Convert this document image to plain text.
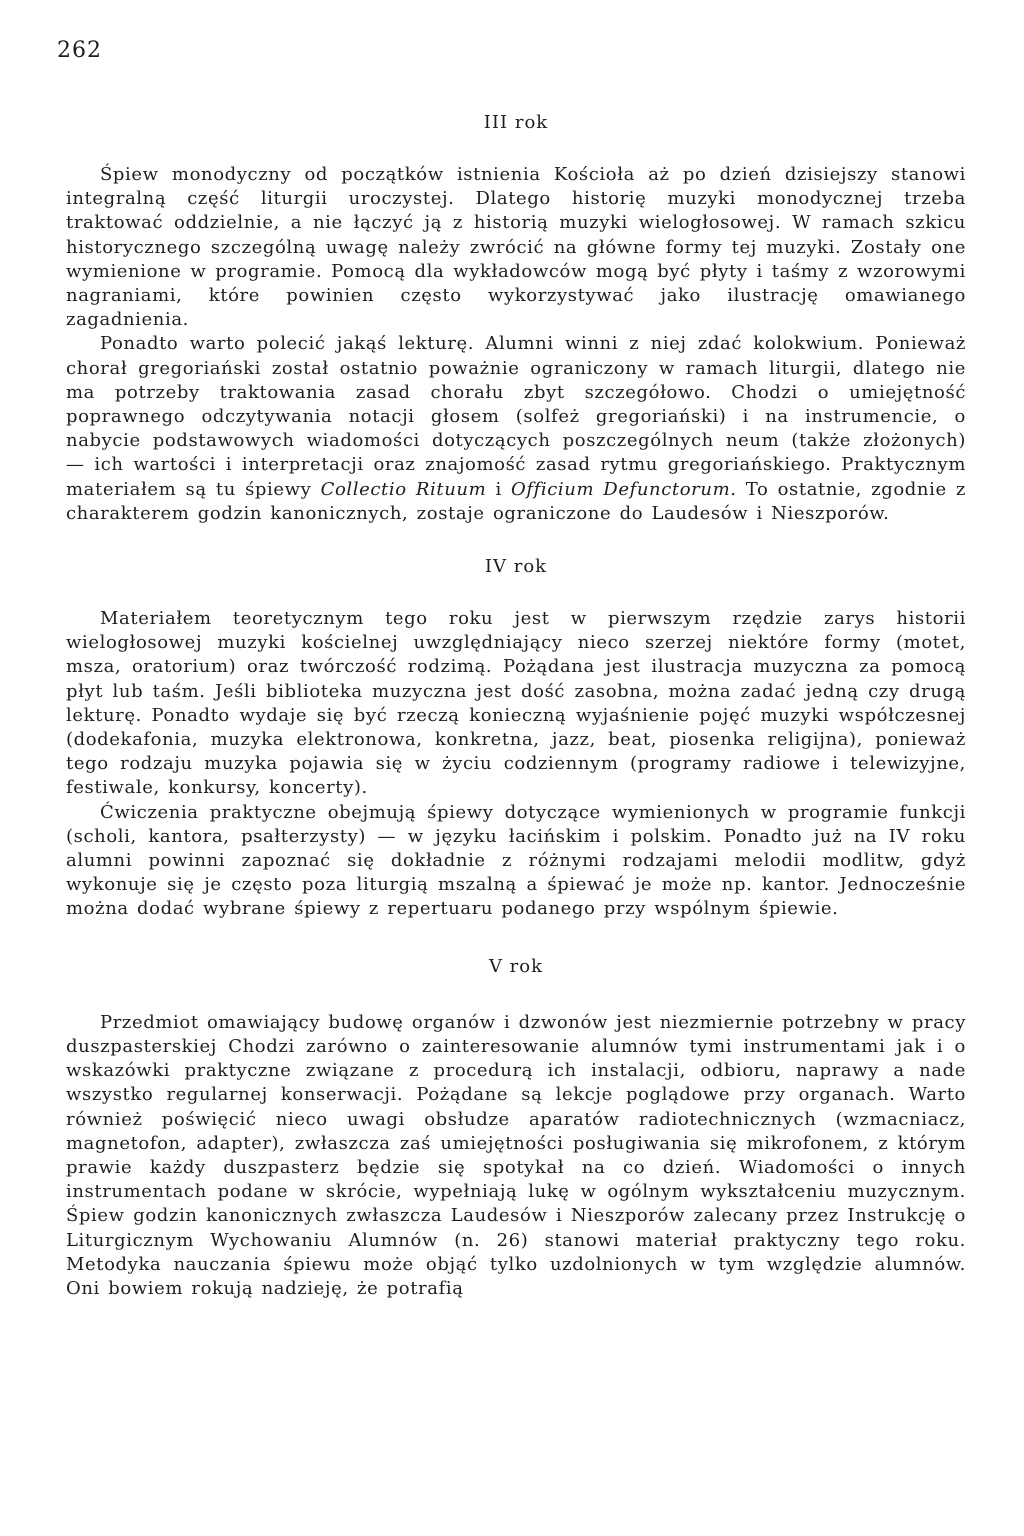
262
III rok

Śpiew monodyczny od początków istnienia Kościoła aż po dzień dzisiejszy stanowi integralną część liturgii uroczystej. Dlatego historię muzyki monodycznej trzeba traktować oddzielnie, a nie łączyć ją z historią muzyki wielogłosowej. W ramach szkicu historycznego szczególną uwagę należy zwrócić na główne formy tej muzyki. Zostały one wymienione w programie. Pomocą dla wykładowców mogą być płyty i taśmy z wzorowymi nagraniami, które powinien często wykorzystywać jako ilustrację omawianego zagadnienia.

Ponadto warto polecić jakąś lekturę. Alumni winni z niej zdać kolokwium. Ponieważ chorał gregoriański został ostatnio poważnie ograniczony w ramach liturgii, dlatego nie ma potrzeby traktowania zasad chorału zbyt szczegółowo. Chodzi o umiejętność poprawnego odczytywania notacji głosem (solfeż gregoriański) i na instrumencie, o nabycie podstawowych wiadomości dotyczących poszczególnych neum (także złożonych) — ich wartości i interpretacji oraz znajomość zasad rytmu gregoriańskiego. Praktycznym materiałem są tu śpiewy Collectio Rituum i Officium Defunctorum. To ostatnie, zgodnie z charakterem godzin kanonicznych, zostaje ograniczone do Laudesów i Nieszporów.

IV rok

Materiałem teoretycznym tego roku jest w pierwszym rzędzie zarys historii wielogłosowej muzyki kościelnej uwzględniający nieco szerzej niektóre formy (motet, msza, oratorium) oraz twórczość rodzimą. Pożądana jest ilustracja muzyczna za pomocą płyt lub taśm. Jeśli biblioteka muzyczna jest dość zasobna, można zadać jedną czy drugą lekturę. Ponadto wydaje się być rzeczą konieczną wyjaśnienie pojęć muzyki współczesnej (dodekafonia, muzyka elektronowa, konkretna, jazz, beat, piosenka religijna), ponieważ tego rodzaju muzyka pojawia się w życiu codziennym (programy radiowe i telewizyjne, festiwale, konkursy, koncerty).

Ćwiczenia praktyczne obejmują śpiewy dotyczące wymienionych w programie funkcji (scholi, kantora, psałterzysty) — w języku łacińskim i polskim. Ponadto już na IV roku alumni powinni zapoznać się dokładnie z różnymi rodzajami melodii modlitw, gdyż wykonuje się je często poza liturgią mszalną a śpiewać je może np. kantor. Jednocześnie można dodać wybrane śpiewy z repertuaru podanego przy wspólnym śpiewie.

V rok

Przedmiot omawiający budowę organów i dzwonów jest niezmiernie potrzebny w pracy duszpasterskiej Chodzi zarówno o zainteresowanie alumnów tymi instrumentami jak i o wskazówki praktyczne związane z procedurą ich instalacji, odbioru, naprawy a nade wszystko regularnej konserwacji. Pożądane są lekcje poglądowe przy organach. Warto również poświęcić nieco uwagi obsłudze aparatów radiotechnicznych (wzmacniacz, magnetofon, adapter), zwłaszcza zaś umiejętności posługiwania się mikrofonem, z którym prawie każdy duszpasterz będzie się spotykał na co dzień. Wiadomości o innych instrumentach podane w skrócie, wypełniają lukę w ogólnym wykształceniu muzycznym. Śpiew godzin kanonicznych zwłaszcza Laudesów i Nieszporów zalecany przez Instrukcję o Liturgicznym Wychowaniu Alumnów (n. 26) stanowi materiał praktyczny tego roku. Metodyka nauczania śpiewu może objąć tylko uzdolnionych w tym względzie alumnów. Oni bowiem rokują nadzieję, że potrafią
